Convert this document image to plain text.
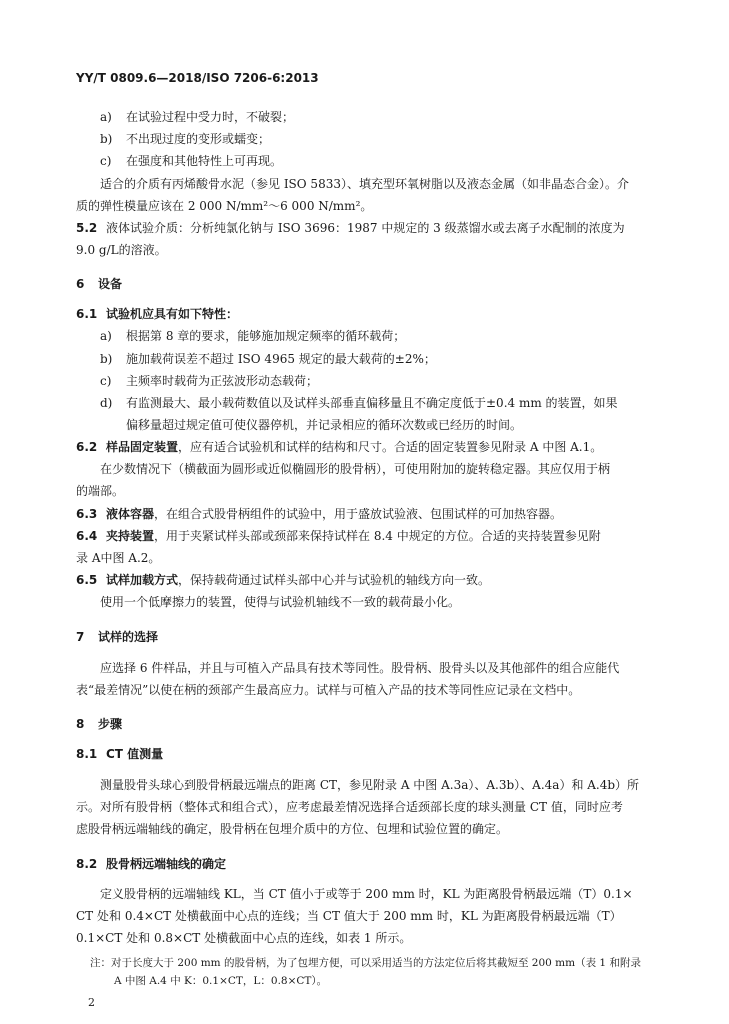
YY/T 0809.6—2018/ISO 7206-6:2013
a) 在试验过程中受力时，不破裂；
b) 不出现过度的变形或蠕变；
c) 在强度和其他特性上可再现。
适合的介质有丙烯酸骨水泥（参见 ISO 5833）、填充型环氧树脂以及液态金属（如非晶态合金）。介
质的弹性模量应该在 2 000 N/mm²～6 000 N/mm²。
5.2 液体试验介质：分析纯氯化钠与 ISO 3696：1987 中规定的 3 级蒸馏水或去离子水配制的浓度为
9.0 g/L的溶液。
6 设备
6.1 试验机应具有如下特性：
a) 根据第 8 章的要求，能够施加规定频率的循环载荷；
b) 施加载荷误差不超过 ISO 4965 规定的最大载荷的±2%；
c) 主频率时载荷为正弦波形动态载荷；
d) 有监测最大、最小载荷数值以及试样头部垂直偏移量且不确定度低于±0.4 mm 的装置，如果
偏移量超过规定值可使仪器停机，并记录相应的循环次数或已经历的时间。
6.2 样品固定装置，应有适合试验机和试样的结构和尺寸。合适的固定装置参见附录 A 中图 A.1。
在少数情况下（横截面为圆形或近似椭圆形的股骨柄），可使用附加的旋转稳定器。其应仅用于柄
的端部。
6.3 液体容器，在组合式股骨柄组件的试验中，用于盛放试验液、包围试样的可加热容器。
6.4 夹持装置，用于夹紧试样头部或颈部来保持试样在 8.4 中规定的方位。合适的夹持装置参见附
录 A中图 A.2。
6.5 试样加载方式，保持载荷通过试样头部中心并与试验机的轴线方向一致。
使用一个低摩擦力的装置，使得与试验机轴线不一致的载荷最小化。
7 试样的选择
应选择 6 件样品，并且与可植入产品具有技术等同性。股骨柄、股骨头以及其他部件的组合应能代
表“最差情况”以使在柄的颈部产生最高应力。试样与可植入产品的技术等同性应记录在文档中。
8 步骤
8.1 CT 值测量
测量股骨头球心到股骨柄最远端点的距离 CT，参见附录 A 中图 A.3a）、A.3b）、A.4a）和 A.4b）所
示。对所有股骨柄（整体式和组合式），应考虑最差情况选择合适颈部长度的球头测量 CT 值，同时应考
虑股骨柄远端轴线的确定，股骨柄在包埋介质中的方位、包埋和试验位置的确定。
8.2 股骨柄远端轴线的确定
定义股骨柄的远端轴线 KL，当 CT 值小于或等于 200 mm 时，KL 为距离股骨柄最远端（T）0.1×
CT 处和 0.4×CT 处横截面中心点的连线；当 CT 值大于 200 mm 时，KL 为距离股骨柄最远端（T）
0.1×CT 处和 0.8×CT 处横截面中心点的连线，如表 1 所示。
注：对于长度大于 200 mm 的股骨柄，为了包埋方便，可以采用适当的方法定位后将其截短至 200 mm（表 1 和附录
A 中图 A.4 中 K：0.1×CT，L：0.8×CT）。
2
